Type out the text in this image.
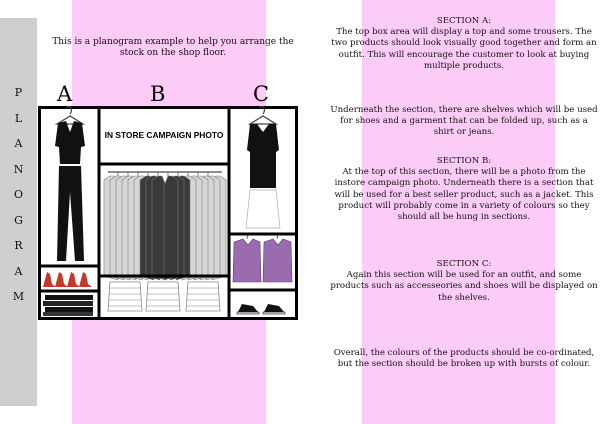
P
L
A
N
O
G
R
A
M
This is a planogram example to help you arrange the stock on the shop floor.
A	B	C
IN STORE CAMPAIGN PHOTO

SECTION A:

The top box area will display a top and some trousers. The two products should look visually good together and form an outfit. This will encourage the customer to look at buying multiple products.

Underneath the section, there are shelves which will be used for shoes and a garment that can be folded up, such as a shirt or jeans.

SECTION B:

At the top of this section, there will be a photo from the instore campaign photo. Underneath there is a section that will be used for a best seller product, such as a jacket. This product will probably come in a variety of colours so they should all be hung in sections.

SECTION C:

Again this section will be used for an outfit, and some products such as accesseories and shoes will be displayed on the shelves.

Overall, the colours of the products should be co-ordinated, but the section should be broken up with bursts of colour.
